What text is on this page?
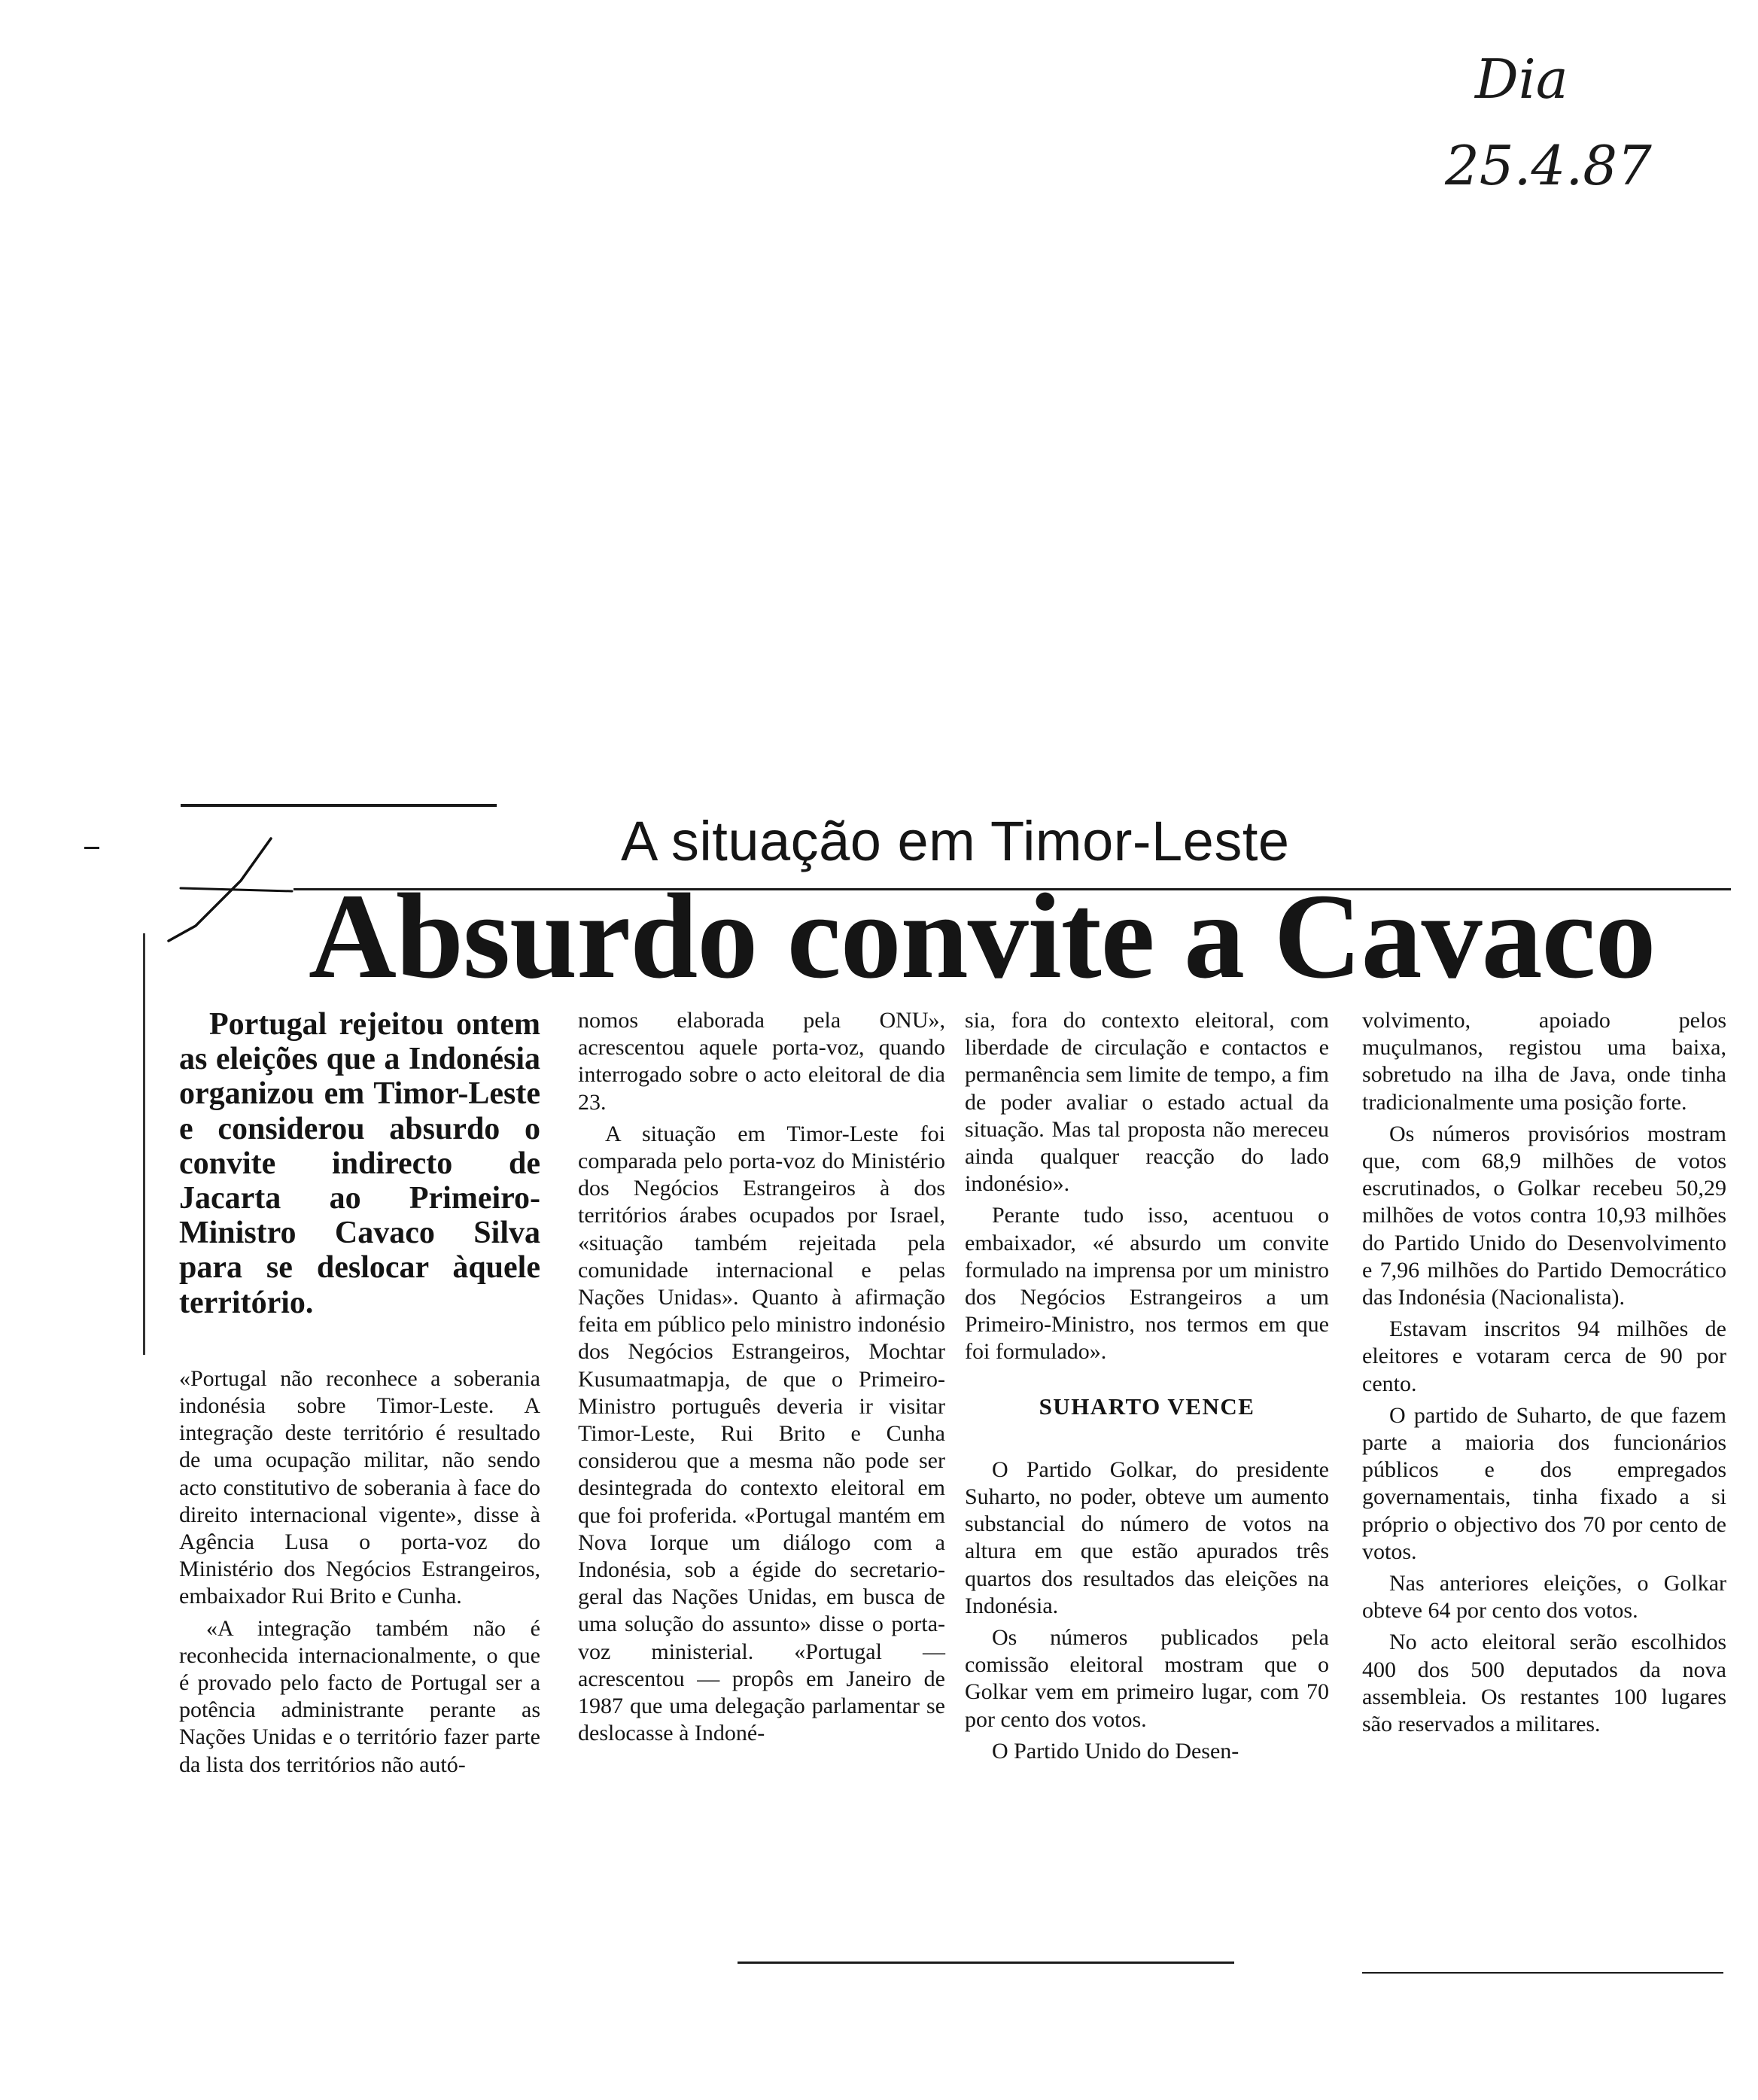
Dia
25.4.87
A situação em Timor-Leste
Absurdo convite a Cavaco

Portugal rejeitou ontem as eleições que a Indonésia organizou em Timor-Leste e considerou absurdo o convite indirecto de Jacarta ao Primeiro-Ministro Cavaco Silva para se deslocar àquele território.

«Portugal não reconhece a soberania indonésia sobre Timor-Leste. A integração deste território é resultado de uma ocupação militar, não sendo acto constitutivo de soberania à face do direito internacional vigente», disse à Agência Lusa o porta-voz do Ministério dos Negócios Estrangeiros, embaixador Rui Brito e Cunha.

«A integração também não é reconhecida internacionalmente, o que é provado pelo facto de Portugal ser a potência administrante perante as Nações Unidas e o território fazer parte da lista dos territórios não autó-

nomos elaborada pela ONU», acrescentou aquele porta-voz, quando interrogado sobre o acto eleitoral de dia 23.

A situação em Timor-Leste foi comparada pelo porta-voz do Ministério dos Negócios Estrangeiros à dos territórios árabes ocupados por Israel, «situação também rejeitada pela comunidade internacional e pelas Nações Unidas». Quanto à afirmação feita em público pelo ministro indonésio dos Negócios Estrangeiros, Mochtar Kusumaatmapja, de que o Primeiro-Ministro português deveria ir visitar Timor-Leste, Rui Brito e Cunha considerou que a mesma não pode ser desintegrada do contexto eleitoral em que foi proferida. «Portugal mantém em Nova Iorque um diálogo com a Indonésia, sob a égide do secretario-geral das Nações Unidas, em busca de uma solução do assunto» disse o porta-voz ministerial. «Portugal — acrescentou — propôs em Janeiro de 1987 que uma delegação parlamentar se deslocasse à Indoné-

sia, fora do contexto eleitoral, com liberdade de circulação e contactos e permanência sem limite de tempo, a fim de poder avaliar o estado actual da situação. Mas tal proposta não mereceu ainda qualquer reacção do lado indonésio».

Perante tudo isso, acentuou o embaixador, «é absurdo um convite formulado na imprensa por um ministro dos Negócios Estrangeiros a um Primeiro-Ministro, nos termos em que foi formulado».

SUHARTO VENCE

O Partido Golkar, do presidente Suharto, no poder, obteve um aumento substancial do número de votos na altura em que estão apurados três quartos dos resultados das eleições na Indonésia.

Os números publicados pela comissão eleitoral mostram que o Golkar vem em primeiro lugar, com 70 por cento dos votos.

O Partido Unido do Desen-

volvimento, apoiado pelos muçulmanos, registou uma baixa, sobretudo na ilha de Java, onde tinha tradicionalmente uma posição forte.

Os números provisórios mostram que, com 68,9 milhões de votos escrutinados, o Golkar recebeu 50,29 milhões de votos contra 10,93 milhões do Partido Unido do Desenvolvimento e 7,96 milhões do Partido Democrático das Indonésia (Nacionalista).

Estavam inscritos 94 milhões de eleitores e votaram cerca de 90 por cento.

O partido de Suharto, de que fazem parte a maioria dos funcionários públicos e dos empregados governamentais, tinha fixado a si próprio o objectivo dos 70 por cento de votos.

Nas anteriores eleições, o Golkar obteve 64 por cento dos votos.

No acto eleitoral serão escolhidos 400 dos 500 deputados da nova assembleia. Os restantes 100 lugares são reservados a militares.
